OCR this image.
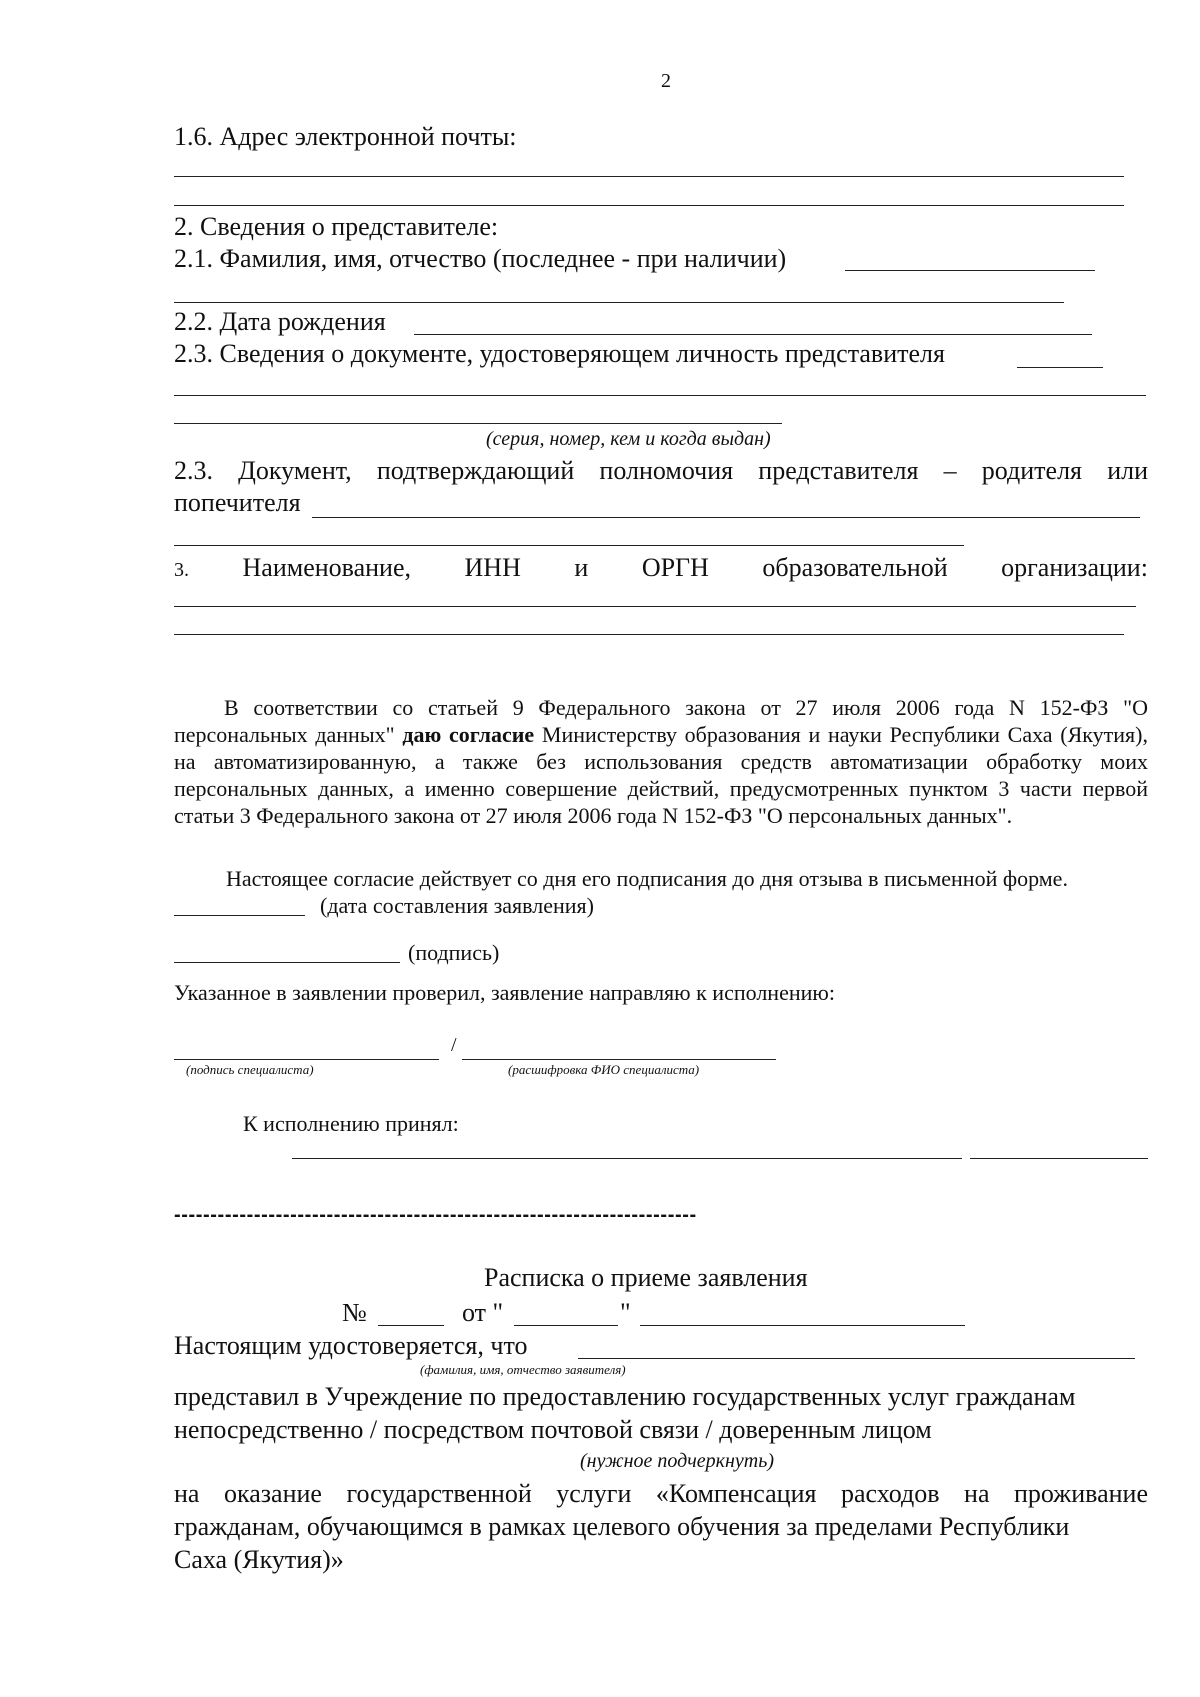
2
1.6. Адрес электронной почты:
2. Сведения о представителе:
2.1. Фамилия, имя, отчество (последнее - при наличии)
2.2. Дата рождения
2.3. Сведения о документе, удостоверяющем личность представителя
(серия, номер, кем и когда выдан)
2.3. Документ, подтверждающий полномочия представителя – родителя или
попечителя
3. Наименование, ИНН и ОРГН образовательной организации:
В соответствии со статьей 9 Федерального закона от 27 июля 2006 года N 152-ФЗ "О персональных данных" даю согласие Министерству образования и науки Республики Саха (Якутия), на автоматизированную, а также без использования средств автоматизации обработку моих персональных данных, а именно совершение действий, предусмотренных пунктом 3 части первой статьи 3 Федерального закона от 27 июля 2006 года N 152-ФЗ "О персональных данных".
Настоящее согласие действует со дня его подписания до дня отзыва в письменной форме.
(дата составления заявления)
(подпись)
Указанное в заявлении проверил, заявление направляю к исполнению:
/
(подпись специалиста)	(расшифровка ФИО специалиста)
К исполнению принял:
------------------------------------------------------------------------
Расписка о приеме заявления
№	от "	"
Настоящим удостоверяется, что
(фамилия, имя, отчество заявителя)
представил в Учреждение по предоставлению государственных услуг гражданам
непосредственно / посредством почтовой связи / доверенным лицом
(нужное подчеркнуть)
на оказание государственной услуги «Компенсация расходов на проживание
гражданам, обучающимся в рамках целевого обучения за пределами Республики
Саха (Якутия)»
